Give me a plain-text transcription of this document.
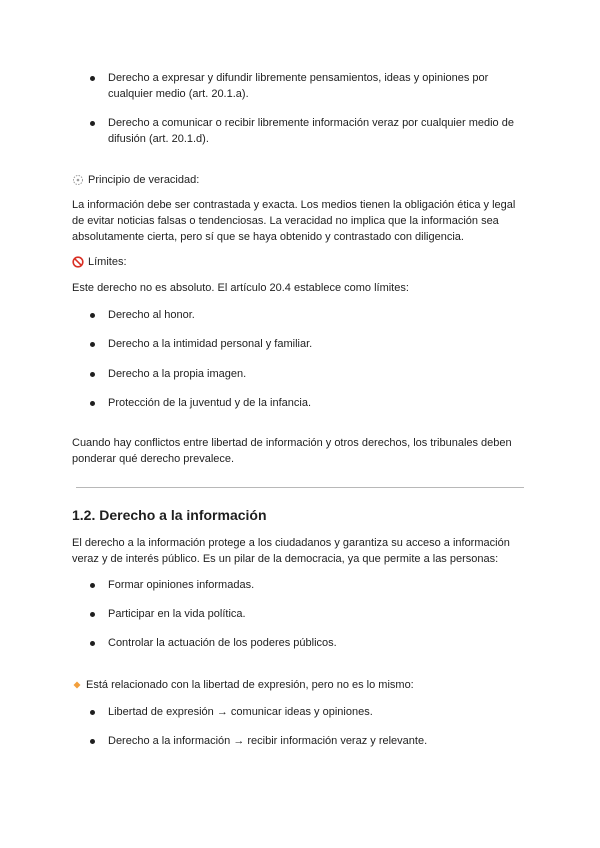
Derecho a expresar y difundir libremente pensamientos, ideas y opiniones por cualquier medio (art. 20.1.a).
Derecho a comunicar o recibir libremente información veraz por cualquier medio de difusión (art. 20.1.d).
Principio de veracidad:
La información debe ser contrastada y exacta. Los medios tienen la obligación ética y legal de evitar noticias falsas o tendenciosas. La veracidad no implica que la información sea absolutamente cierta, pero sí que se haya obtenido y contrastado con diligencia.
Límites:
Este derecho no es absoluto. El artículo 20.4 establece como límites:
Derecho al honor.
Derecho a la intimidad personal y familiar.
Derecho a la propia imagen.
Protección de la juventud y de la infancia.
Cuando hay conflictos entre libertad de información y otros derechos, los tribunales deben ponderar qué derecho prevalece.
1.2. Derecho a la información
El derecho a la información protege a los ciudadanos y garantiza su acceso a información veraz y de interés público. Es un pilar de la democracia, ya que permite a las personas:
Formar opiniones informadas.
Participar en la vida política.
Controlar la actuación de los poderes públicos.
Está relacionado con la libertad de expresión, pero no es lo mismo:
Libertad de expresión → comunicar ideas y opiniones.
Derecho a la información → recibir información veraz y relevante.
